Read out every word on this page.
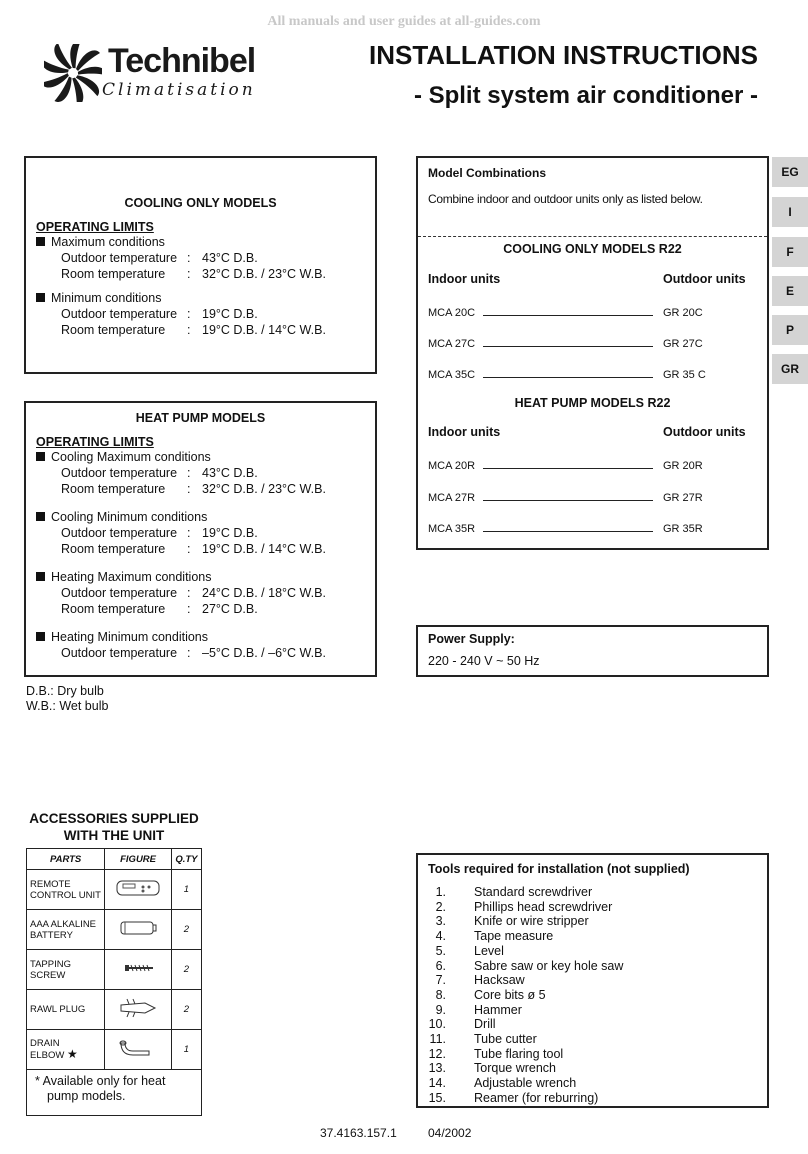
All manuals and user guides at all-guides.com
Technibel
Climatisation
INSTALLATION INSTRUCTIONS
- Split system air conditioner -
COOLING ONLY MODELS
OPERATING LIMITS
Maximum conditions
Outdoor temperature : 43°C D.B.
Room temperature : 32°C D.B. / 23°C W.B.
Minimum conditions
Outdoor temperature : 19°C D.B.
Room temperature : 19°C D.B. / 14°C W.B.
HEAT PUMP MODELS
OPERATING LIMITS
Cooling Maximum conditions
Outdoor temperature : 43°C D.B.
Room temperature : 32°C D.B. / 23°C W.B.
Cooling Minimum conditions
Outdoor temperature : 19°C D.B.
Room temperature : 19°C D.B. / 14°C W.B.
Heating Maximum conditions
Outdoor temperature : 24°C D.B. / 18°C W.B.
Room temperature : 27°C D.B.
Heating Minimum conditions
Outdoor temperature : –5°C D.B. / –6°C W.B.
D.B.: Dry bulb
W.B.: Wet bulb
Model Combinations
Combine indoor and outdoor units only as listed below.
COOLING ONLY MODELS R22
Indoor units	Outdoor units
MCA 20C	GR 20C
MCA 27C	GR 27C
MCA 35C	GR 35 C
HEAT PUMP MODELS R22
Indoor units	Outdoor units
MCA 20R	GR 20R
MCA 27R	GR 27R
MCA 35R	GR 35R
EG
I
F
E
P
GR
Power Supply:
220 - 240 V ~ 50 Hz
ACCESSORIES SUPPLIED
WITH THE UNIT
PARTS	FIGURE	Q.TY

REMOTE
CONTROL UNIT		1

AAA ALKALINE
BATTERY		2

TAPPING
SCREW		2

RAWL PLUG		2

DRAIN
ELBOW ★		1

* Available only for heat
pump models.		
Tools required for installation (not supplied)
1. Standard screwdriver
2. Phillips head screwdriver
3. Knife or wire stripper
4. Tape measure
5. Level
6. Sabre saw or key hole saw
7. Hacksaw
8. Core bits ø 5
9. Hammer
10. Drill
11. Tube cutter
12. Tube flaring tool
13. Torque wrench
14. Adjustable wrench
15. Reamer (for reburring)
37.4163.157.1	04/2002
